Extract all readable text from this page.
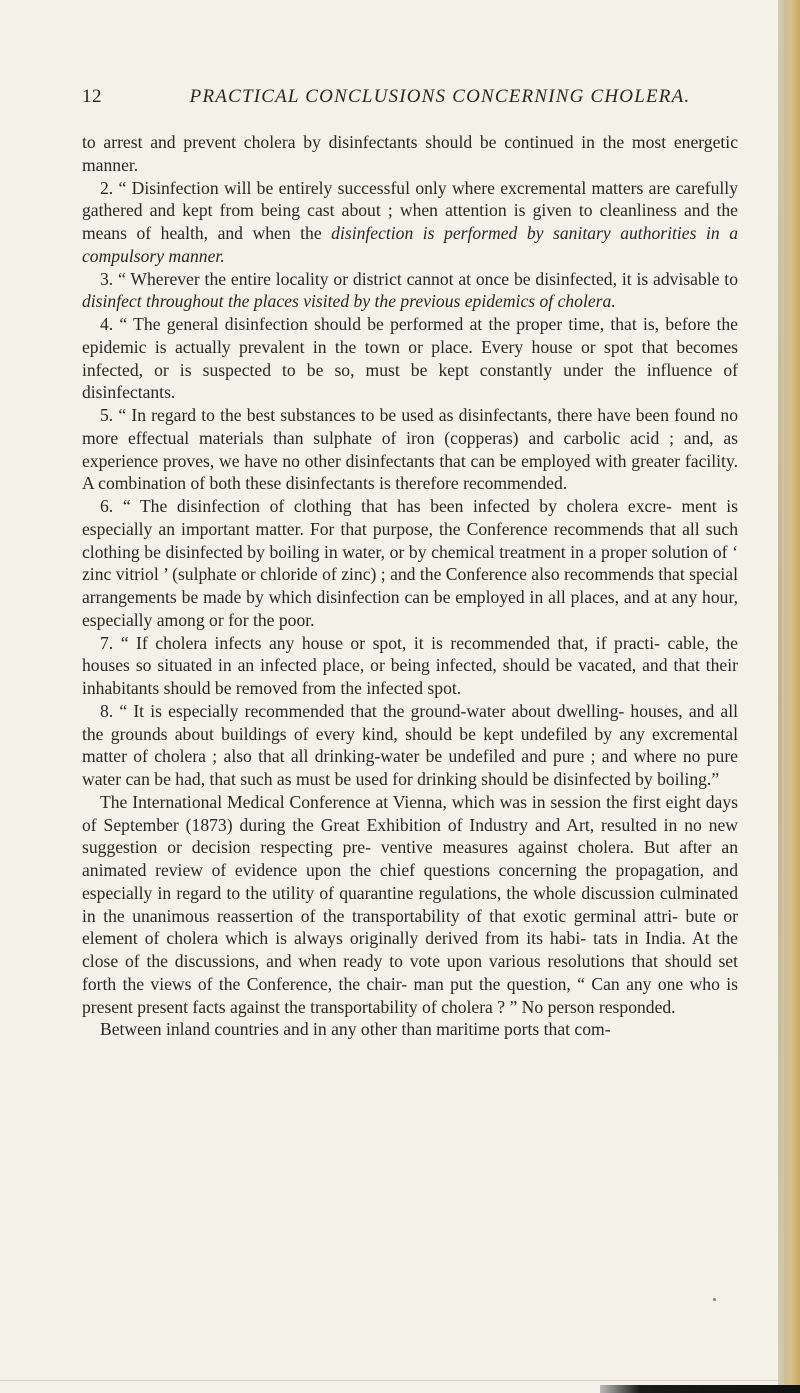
12	PRACTICAL CONCLUSIONS CONCERNING CHOLERA.

to arrest and prevent cholera by disinfectants should be continued in the most energetic manner.

2. “ Disinfection will be entirely successful only where excremental matters are carefully gathered and kept from being cast about ; when attention is given to cleanliness and the means of health, and when the disinfection is performed by sanitary authorities in a compulsory manner.

3. “ Wherever the entire locality or district cannot at once be disinfected, it is advisable to disinfect throughout the places visited by the previous epidemics of cholera.

4. “ The general disinfection should be performed at the proper time, that is, before the epidemic is actually prevalent in the town or place. Every house or spot that becomes infected, or is suspected to be so, must be kept constantly under the influence of disinfectants.

5. “ In regard to the best substances to be used as disinfectants, there have been found no more effectual materials than sulphate of iron (copperas) and carbolic acid ; and, as experience proves, we have no other disinfectants that can be employed with greater facility. A combination of both these disinfectants is therefore recommended.

6. “ The disinfection of clothing that has been infected by cholera excre- ment is especially an important matter. For that purpose, the Conference recommends that all such clothing be disinfected by boiling in water, or by chemical treatment in a proper solution of ‘ zinc vitriol ’ (sulphate or chloride of zinc) ; and the Conference also recommends that special arrangements be made by which disinfection can be employed in all places, and at any hour, especially among or for the poor.

7. “ If cholera infects any house or spot, it is recommended that, if practi- cable, the houses so situated in an infected place, or being infected, should be vacated, and that their inhabitants should be removed from the infected spot.

8. “ It is especially recommended that the ground-water about dwelling- houses, and all the grounds about buildings of every kind, should be kept undefiled by any excremental matter of cholera ; also that all drinking-water be undefiled and pure ; and where no pure water can be had, that such as must be used for drinking should be disinfected by boiling.”

The International Medical Conference at Vienna, which was in session the first eight days of September (1873) during the Great Exhibition of Industry and Art, resulted in no new suggestion or decision respecting pre- ventive measures against cholera. But after an animated review of evidence upon the chief questions concerning the propagation, and especially in regard to the utility of quarantine regulations, the whole discussion culminated in the unanimous reassertion of the transportability of that exotic germinal attri- bute or element of cholera which is always originally derived from its habi- tats in India. At the close of the discussions, and when ready to vote upon various resolutions that should set forth the views of the Conference, the chair- man put the question, “ Can any one who is present present facts against the transportability of cholera ? ” No person responded.

Between inland countries and in any other than maritime ports that com-
